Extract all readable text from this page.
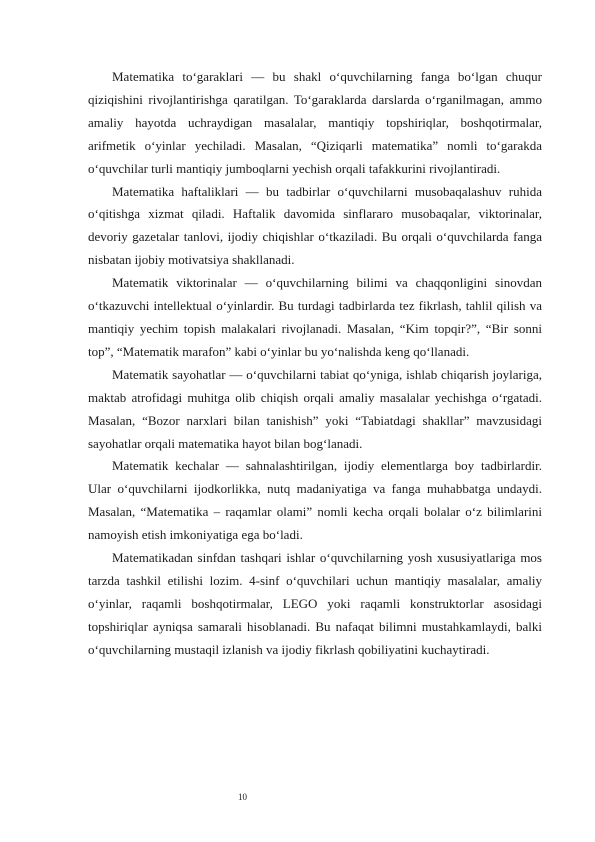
Matematika to‘garaklari — bu shakl o‘quvchilarning fanga bo‘lgan chuqur qiziqishini rivojlantirishga qaratilgan. To‘garaklarda darslarda o‘rganilmagan, ammo amaliy hayotda uchraydigan masalalar, mantiqiy topshiriqlar, boshqotirmalar, arifmetik o‘yinlar yechiladi. Masalan, “Qiziqarli matematika” nomli to‘garakda o‘quvchilar turli mantiqiy jumboqlarni yechish orqali tafakkurini rivojlantiradi.

Matematika haftaliklari — bu tadbirlar o‘quvchilarni musobaqalashuv ruhida o‘qitishga xizmat qiladi. Haftalik davomida sinflararo musobaqalar, viktorinalar, devoriy gazetalar tanlovi, ijodiy chiqishlar o‘tkaziladi. Bu orqali o‘quvchilarda fanga nisbatan ijobiy motivatsiya shakllanadi.

Matematik viktorinalar — o‘quvchilarning bilimi va chaqqonligini sinovdan o‘tkazuvchi intellektual o‘yinlardir. Bu turdagi tadbirlarda tez fikrlash, tahlil qilish va mantiqiy yechim topish malakalari rivojlanadi. Masalan, “Kim topqir?”, “Bir sonni top”, “Matematik marafon” kabi o‘yinlar bu yo‘nalishda keng qo‘llanadi.

Matematik sayohatlar — o‘quvchilarni tabiat qo‘yniga, ishlab chiqarish joylariga, maktab atrofidagi muhitga olib chiqish orqali amaliy masalalar yechishga o‘rgatadi. Masalan, “Bozor narxlari bilan tanishish” yoki “Tabiatdagi shakllar” mavzusidagi sayohatlar orqali matematika hayot bilan bog‘lanadi.

Matematik kechalar — sahnalashtirilgan, ijodiy elementlarga boy tadbirlardir. Ular o‘quvchilarni ijodkorlikka, nutq madaniyatiga va fanga muhabbatga undaydi. Masalan, “Matematika – raqamlar olami” nomli kecha orqali bolalar o‘z bilimlarini namoyish etish imkoniyatiga ega bo‘ladi.

Matematikadan sinfdan tashqari ishlar o‘quvchilarning yosh xususiyatlariga mos tarzda tashkil etilishi lozim. 4-sinf o‘quvchilari uchun mantiqiy masalalar, amaliy o‘yinlar, raqamli boshqotirmalar, LEGO yoki raqamli konstruktorlar asosidagi topshiriqlar ayniqsa samarali hisoblanadi. Bu nafaqat bilimni mustahkamlaydi, balki o‘quvchilarning mustaqil izlanish va ijodiy fikrlash qobiliyatini kuchaytiradi.

10
